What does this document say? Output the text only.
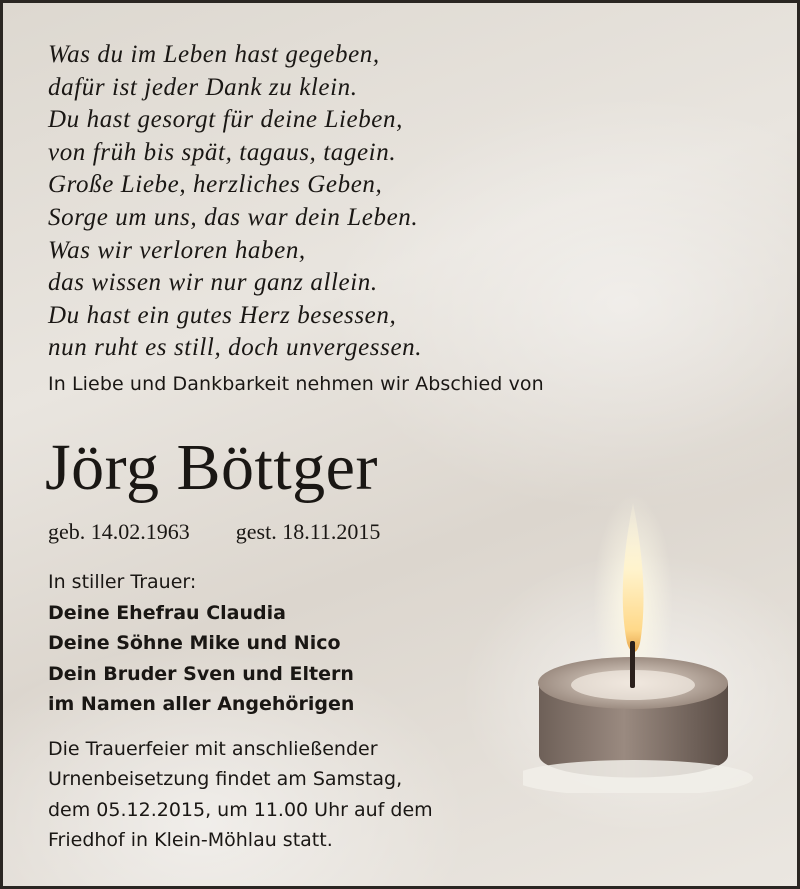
Was du im Leben hast gegeben,
dafür ist jeder Dank zu klein.
Du hast gesorgt für deine Lieben,
von früh bis spät, tagaus, tagein.
Große Liebe, herzliches Geben,
Sorge um uns, das war dein Leben.
Was wir verloren haben,
das wissen wir nur ganz allein.
Du hast ein gutes Herz besessen,
nun ruht es still, doch unvergessen.
In Liebe und Dankbarkeit nehmen wir Abschied von
Jörg Böttger
geb. 14.02.1963 gest. 18.11.2015
In stiller Trauer:
Deine Ehefrau Claudia
Deine Söhne Mike und Nico
Dein Bruder Sven und Eltern
im Namen aller Angehörigen
Die Trauerfeier mit anschließender
Urnenbeisetzung findet am Samstag,
dem 05.12.2015, um 11.00 Uhr auf dem
Friedhof in Klein-Möhlau statt.
